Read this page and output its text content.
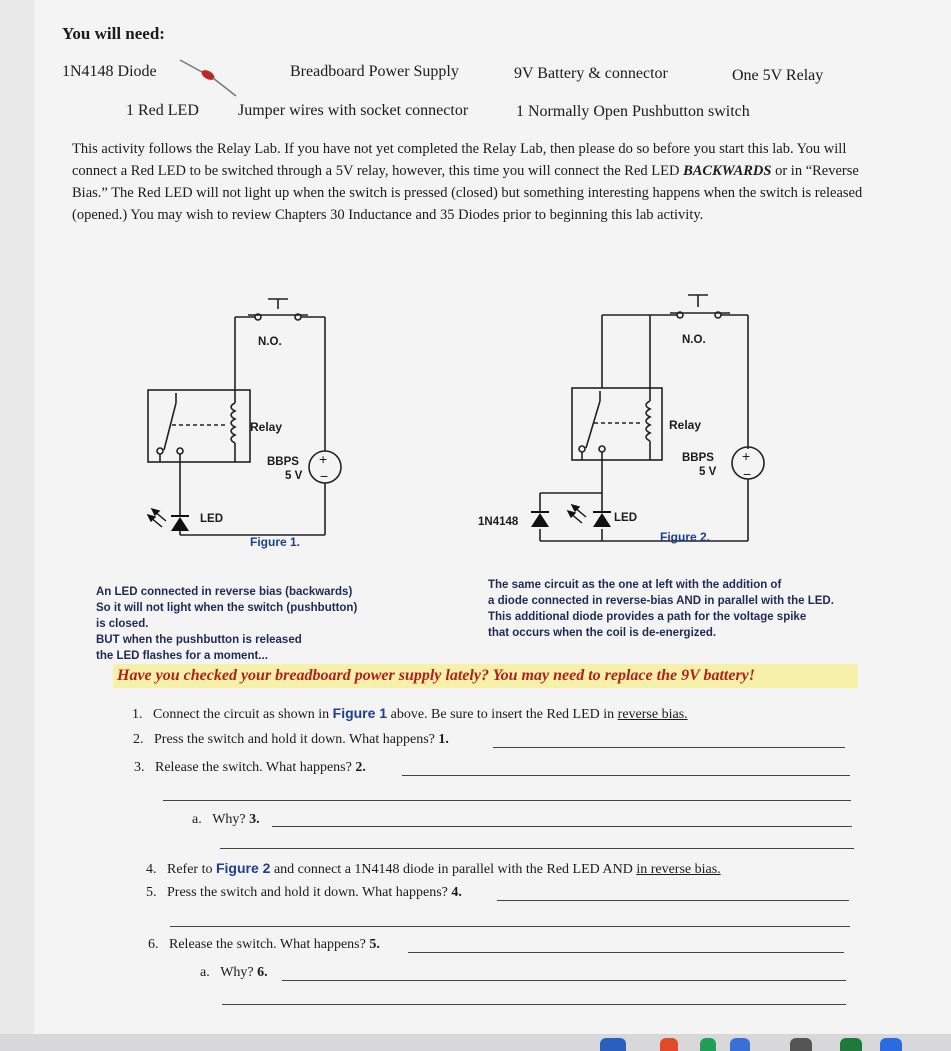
You will need:
1N4148 Diode	Breadboard Power Supply	9V Battery & connector	One 5V Relay
1 Red LED Jumper wires with socket connector	1 Normally Open Pushbutton switch
This activity follows the Relay Lab. If you have not yet completed the Relay Lab, then please do so before you start this lab. You will connect a Red LED to be switched through a 5V relay, however, this time you will connect the Red LED BACKWARDS or in “Reverse Bias.” The Red LED will not light up when the switch is pressed (closed) but something interesting happens when the switch is released (opened.) You may wish to review Chapters 30 Inductance and 35 Diodes prior to beginning this lab activity.
N.O.
Relay
BBPS
5 V
+
−
LED
Figure 1.
N.O.
Relay
BBPS
5 V
+
−
1N4148	LED
Figure 2.
An LED connected in reverse bias (backwards)
So it will not light when the switch (pushbutton)
is closed.
BUT when the pushbutton is released
the LED flashes for a moment...
The same circuit as the one at left with the addition of
a diode connected in reverse-bias AND in parallel with the LED.
This additional diode provides a path for the voltage spike
that occurs when the coil is de-energized.
Have you checked your breadboard power supply lately? You may need to replace the 9V battery!
1. Connect the circuit as shown in Figure 1 above. Be sure to insert the Red LED in reverse bias.
2. Press the switch and hold it down. What happens? 1.
3. Release the switch. What happens? 2.
a. Why? 3.
4. Refer to Figure 2 and connect a 1N4148 diode in parallel with the Red LED AND in reverse bias.
5. Press the switch and hold it down. What happens? 4.
6. Release the switch. What happens? 5.
a. Why? 6.
